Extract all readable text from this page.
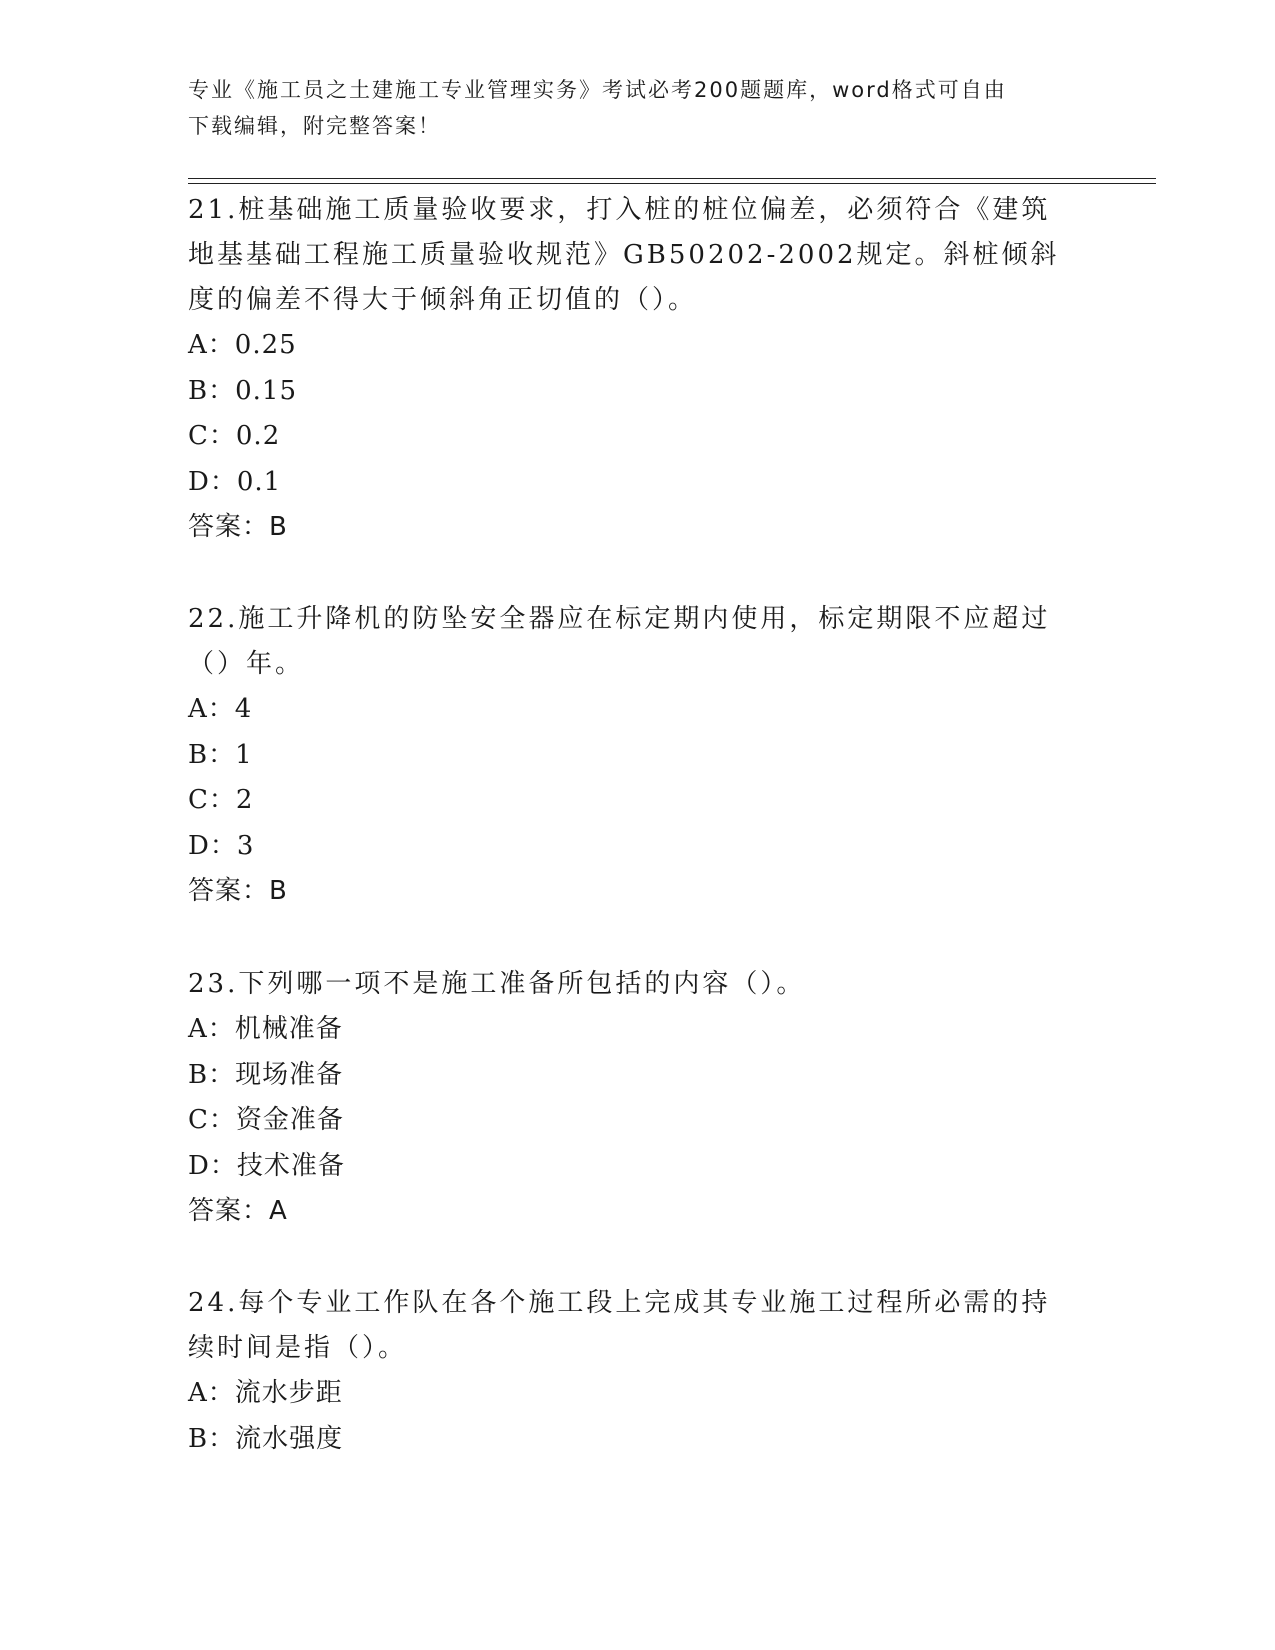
专业《施工员之土建施工专业管理实务》考试必考200题题库，word格式可自由
下载编辑，附完整答案！

21.桩基础施工质量验收要求，打入桩的桩位偏差，必须符合《建筑地基基础工程施工质量验收规范》GB50202-2002规定。斜桩倾斜度的偏差不得大于倾斜角正切值的（）。

A：0.25

B：0.15

C：0.2

D：0.1

答案：B

22.施工升降机的防坠安全器应在标定期内使用，标定期限不应超过（）年。

A：4

B：1

C：2

D：3

答案：B

23.下列哪一项不是施工准备所包括的内容（）。

A：机械准备

B：现场准备

C：资金准备

D：技术准备

答案：A

24.每个专业工作队在各个施工段上完成其专业施工过程所必需的持续时间是指（）。

A：流水步距

B：流水强度
